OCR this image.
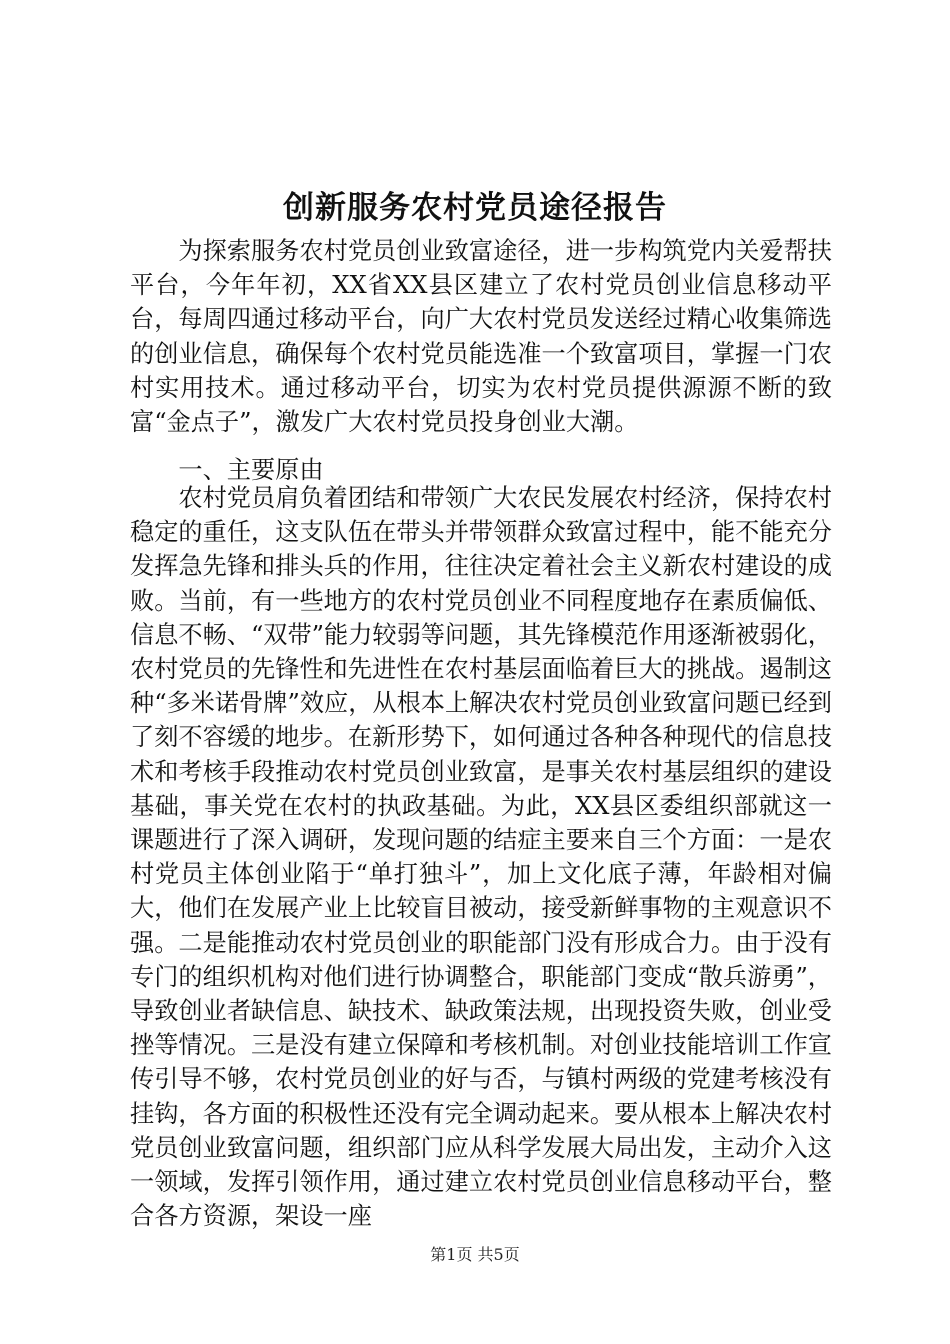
创新服务农村党员途径报告

为探索服务农村党员创业致富途径，进一步构筑党内关爱帮扶平台，今年年初，XX省XX县区建立了农村党员创业信息移动平台，每周四通过移动平台，向广大农村党员发送经过精心收集筛选的创业信息，确保每个农村党员能选准一个致富项目，掌握一门农村实用技术。通过移动平台，切实为农村党员提供源源不断的致富“金点子”，激发广大农村党员投身创业大潮。

一、主要原由

农村党员肩负着团结和带领广大农民发展农村经济，保持农村稳定的重任，这支队伍在带头并带领群众致富过程中，能不能充分发挥急先锋和排头兵的作用，往往决定着社会主义新农村建设的成败。当前，有一些地方的农村党员创业不同程度地存在素质偏低、信息不畅、“双带”能力较弱等问题，其先锋模范作用逐渐被弱化，农村党员的先锋性和先进性在农村基层面临着巨大的挑战。遏制这种“多米诺骨牌”效应，从根本上解决农村党员创业致富问题已经到了刻不容缓的地步。在新形势下，如何通过各种各种现代的信息技术和考核手段推动农村党员创业致富，是事关农村基层组织的建设基础，事关党在农村的执政基础。为此，XX县区委组织部就这一课题进行了深入调研，发现问题的结症主要来自三个方面：一是农村党员主体创业陷于“单打独斗”，加上文化底子薄，年龄相对偏大，他们在发展产业上比较盲目被动，接受新鲜事物的主观意识不强。二是能推动农村党员创业的职能部门没有形成合力。由于没有专门的组织机构对他们进行协调整合，职能部门变成“散兵游勇”，导致创业者缺信息、缺技术、缺政策法规，出现投资失败，创业受挫等情况。三是没有建立保障和考核机制。对创业技能培训工作宣传引导不够，农村党员创业的好与否，与镇村两级的党建考核没有挂钩，各方面的积极性还没有完全调动起来。要从根本上解决农村党员创业致富问题，组织部门应从科学发展大局出发，主动介入这一领域，发挥引领作用，通过建立农村党员创业信息移动平台，整合各方资源，架设一座

第1页 共5页
